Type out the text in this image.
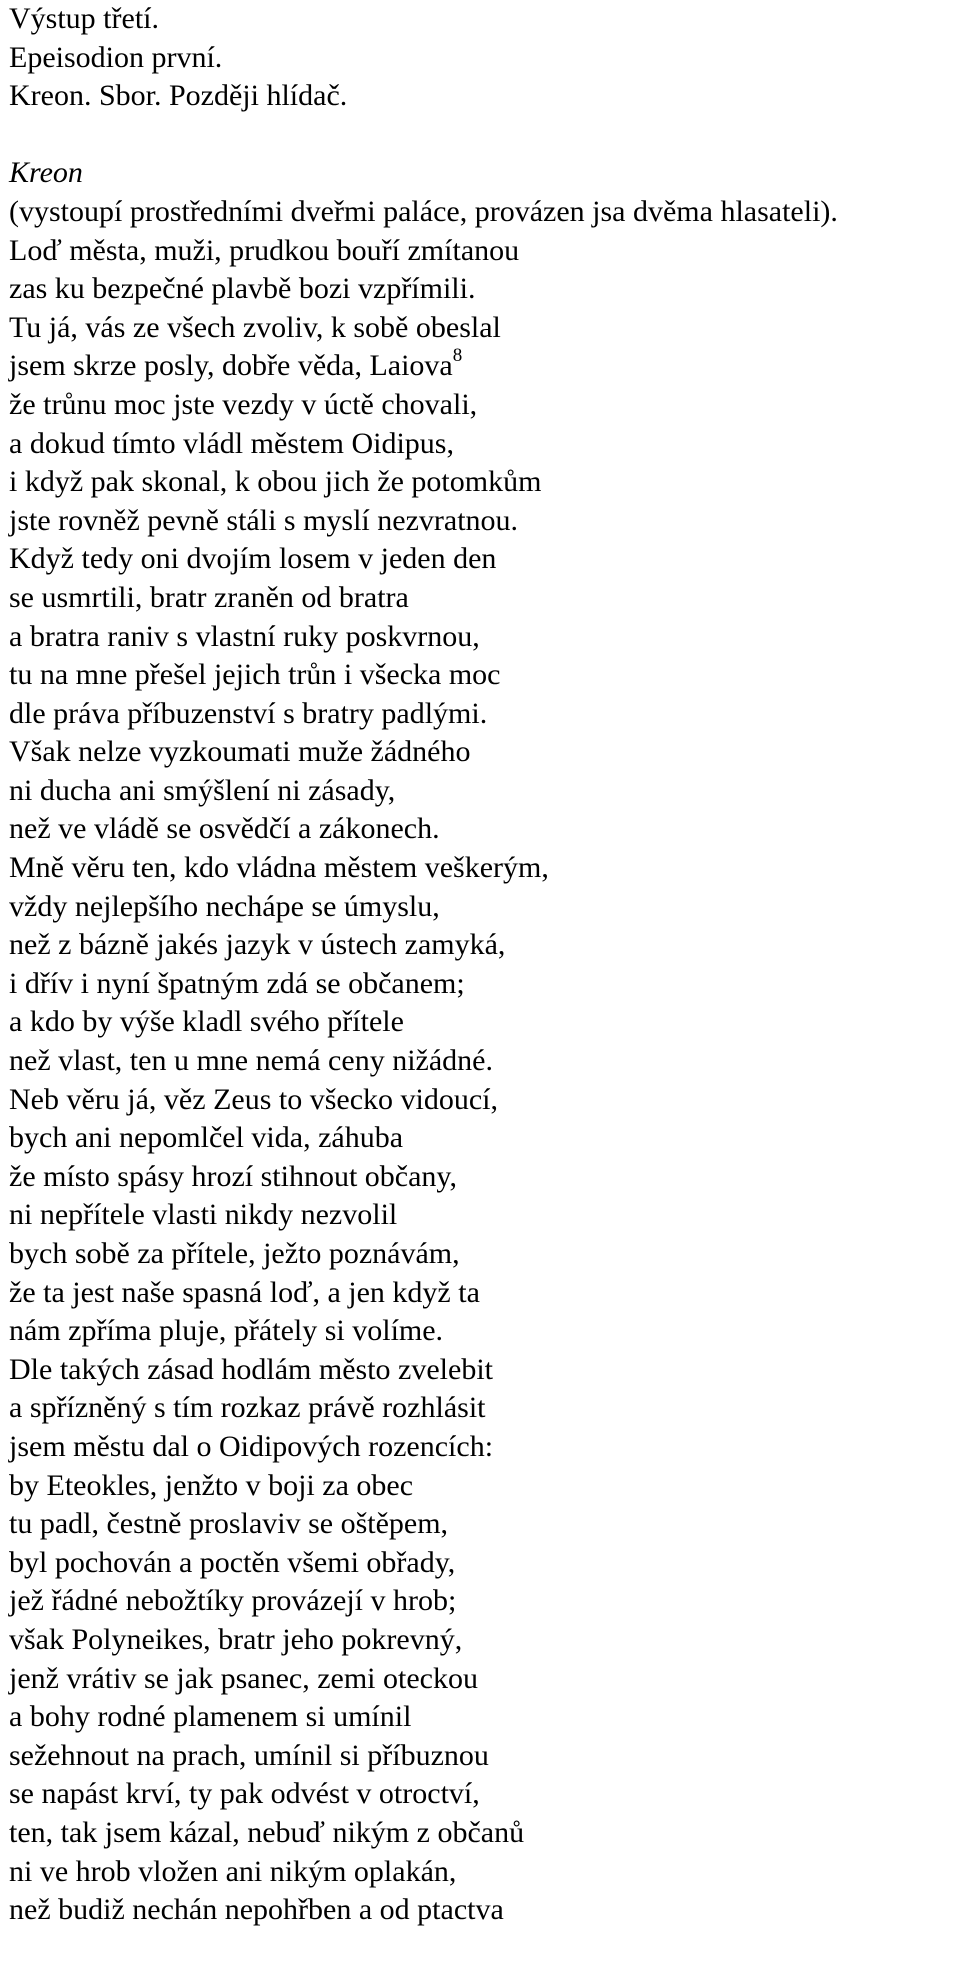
Výstup třetí.
Epeisodion první.
Kreon. Sbor. Později hlídač.
Kreon
(vystoupí prostředními dveřmi paláce, provázen jsa dvěma hlasateli).
Loď města, muži, prudkou bouří zmítanou
zas ku bezpečné plavbě bozi vzpřímili.
Tu já, vás ze všech zvoliv, k sobě obeslal
jsem skrze posly, dobře věda, Laiova$^8$
že trůnu moc jste vezdy v úctě chovali,
a dokud tímto vládl městem Oidipus,
i když pak skonal, k obou jich že potomkům
jste rovněž pevně stáli s myslí nezvratnou.
Když tedy oni dvojím losem v jeden den
se usmrtili, bratr zraněn od bratra
a bratra raniv s vlastní ruky poskvrnou,
tu na mne přešel jejich trůn i všecka moc
dle práva příbuzenství s bratry padlými.
Však nelze vyzkoumati muže žádného
ni ducha ani smýšlení ni zásady,
než ve vládě se osvědčí a zákonech.
Mně věru ten, kdo vládna městem veškerým,
vždy nejlepšího nechápe se úmyslu,
než z bázně jakés jazyk v ústech zamyká,
i dřív i nyní špatným zdá se občanem;
a kdo by výše kladl svého přítele
než vlast, ten u mne nemá ceny nižádné.
Neb věru já, věz Zeus to všecko vidoucí,
bych ani nepomlčel vida, záhuba
že místo spásy hrozí stihnout občany,
ni nepřítele vlasti nikdy nezvolil
bych sobě za přítele, ježto poznávám,
že ta jest naše spasná loď, a jen když ta
nám zpříma pluje, přátely si volíme.
Dle takých zásad hodlám město zvelebit
a spřízněný s tím rozkaz právě rozhlásit
jsem městu dal o Oidipových rozencích:
by Eteokles, jenžto v boji za obec
tu padl, čestně proslaviv se oštěpem,
byl pochován a poctěn všemi obřady,
jež řádné nebožtíky provázejí v hrob;
však Polyneikes, bratr jeho pokrevný,
jenž vrátiv se jak psanec, zemi oteckou
a bohy rodné plamenem si umínil
sežehnout na prach, umínil si příbuznou
se napást krví, ty pak odvést v otroctví,
ten, tak jsem kázal, nebuď nikým z občanů
ni ve hrob vložen ani nikým oplakán,
než budiž nechán nepohřben a od ptactva
